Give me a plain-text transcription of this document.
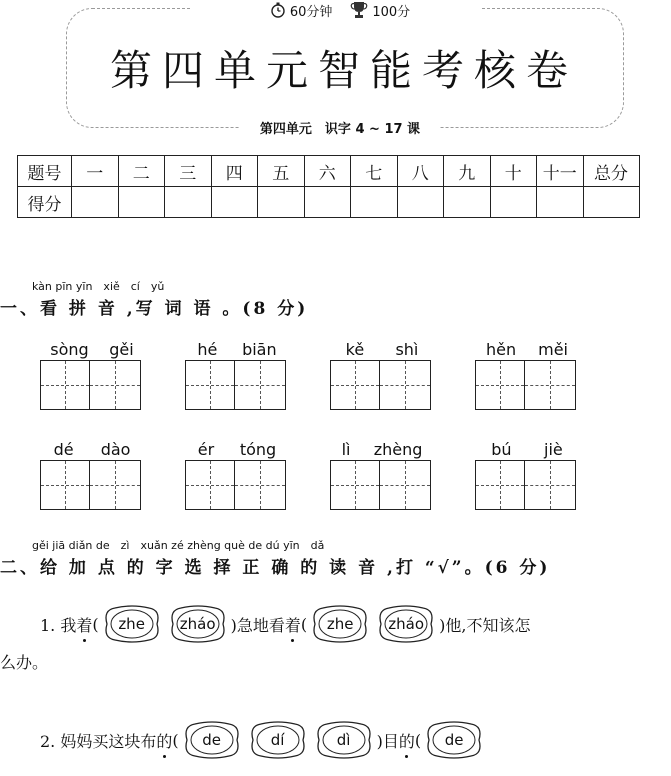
60分钟	100分
第四单元智能考核卷
第四单元　识字 4 ~ 17 课
题号	一	二	三	四	五	六	七	八	九	十	十一	总分
得分												
kàn pīn yīn　xiě　cí　yǔ
一、看 拼 音 ,写 词 语 。(8 分)
sòng gěi	hé biān	kě shì	hěn měi
dé dào	ér tóng	lì zhèng	bú jiè
gěi jiā diǎn de　zì　xuǎn zé zhèng què de dú yīn　dǎ
二、给 加 点 的 字 选 择 正 确 的 读 音 ,打 “√”。(6 分)
1. 我 着 ( zhe zháo )急地看 着 ( zhe zháo )他,不知该怎
么办。
2. 妈妈买这块布 的 ( de	dí	dì )目 的 ( de
